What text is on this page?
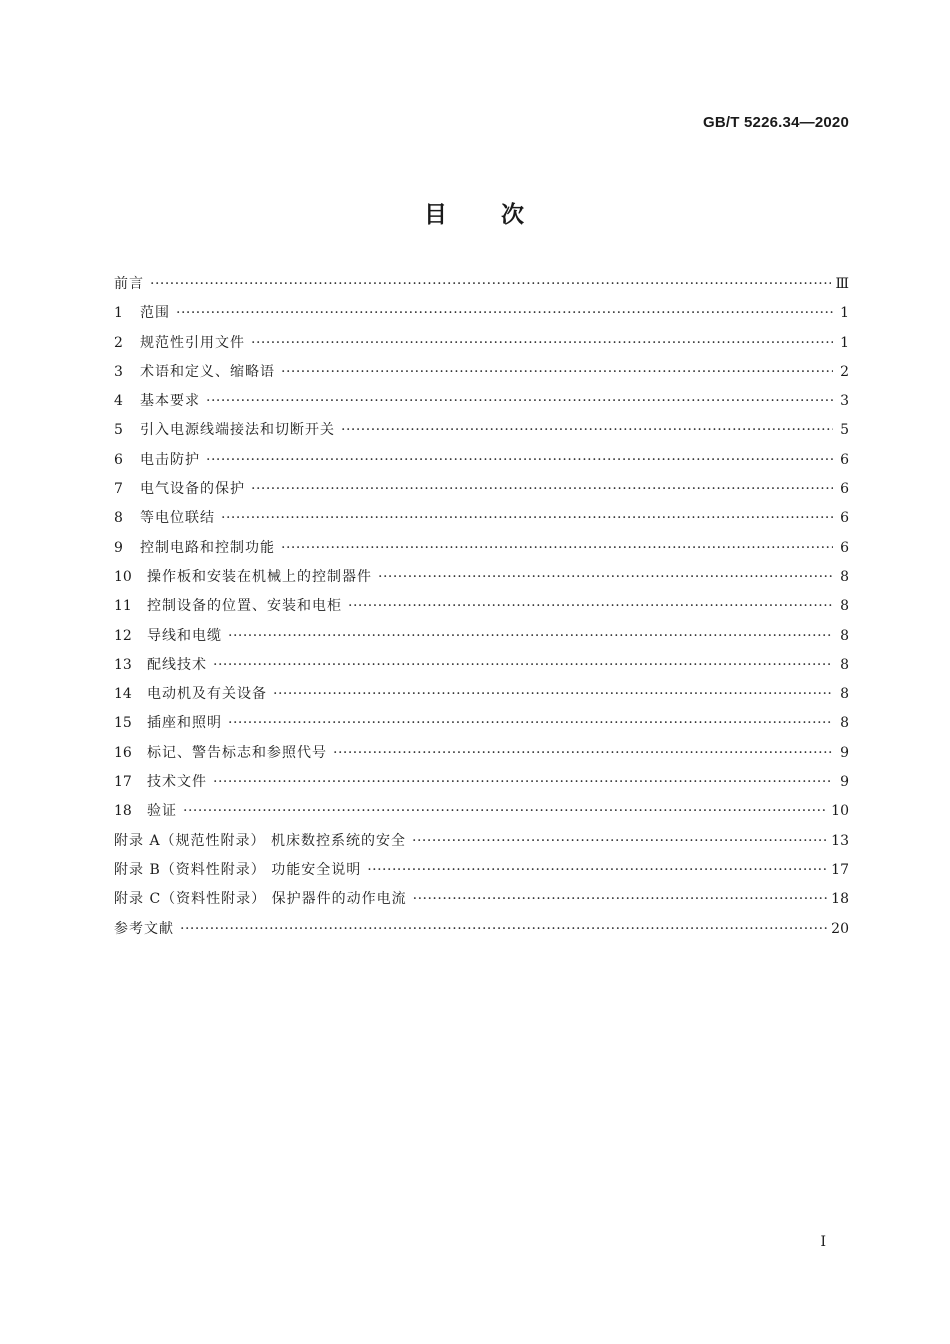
GB/T 5226.34—2020
目 次
前言 ·····	Ⅲ
1	范围 ·····	1
2	规范性引用文件 ·····	1
3	术语和定义、缩略语 ·····	2
4	基本要求 ·····	3
5	引入电源线端接法和切断开关 ·····	5
6	电击防护 ·····	6
7	电气设备的保护 ·····	6
8	等电位联结 ·····	6
9	控制电路和控制功能 ·····	6
10	操作板和安装在机械上的控制器件 ·····	8
11	控制设备的位置、安装和电柜 ·····	8
12	导线和电缆 ·····	8
13	配线技术 ·····	8
14	电动机及有关设备 ·····	8
15	插座和照明 ·····	8
16	标记、警告标志和参照代号 ·····	9
17	技术文件 ·····	9
18	验证 ·····	10
附录 A（规范性附录） 机床数控系统的安全 ·····	13
附录 B（资料性附录） 功能安全说明 ·····	17
附录 C（资料性附录） 保护器件的动作电流 ·····	18
参考文献 ·····	20
Ⅰ
